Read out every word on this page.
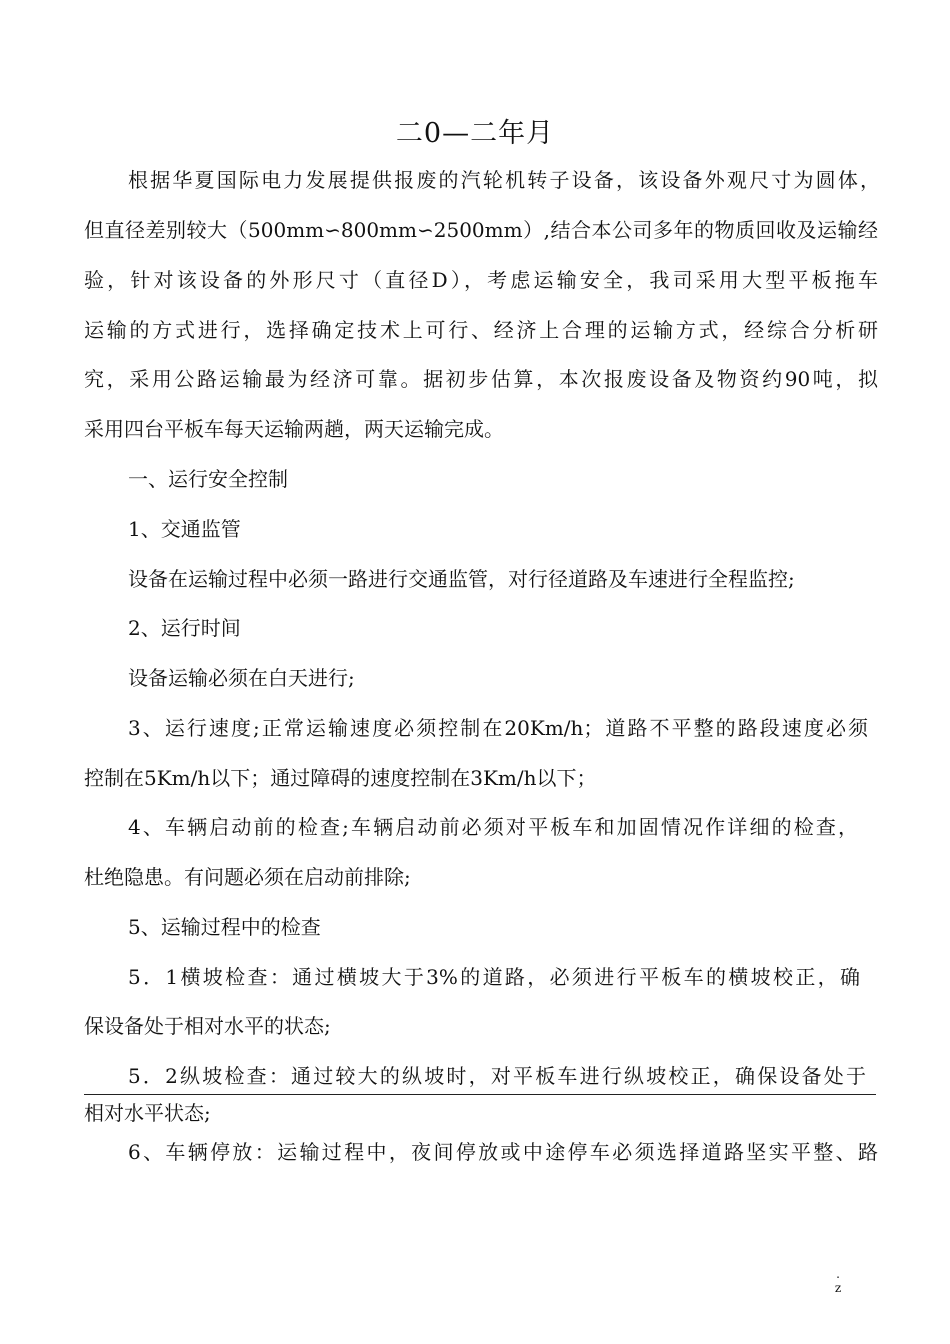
二0—二年月
根据华夏国际电力发展提供报废的汽轮机转子设备，该设备外观尺寸为圆体，
但直径差别较大（500mm∽800mm∽2500mm）,结合本公司多年的物质回收及运输经
验，针对该设备的外形尺寸（直径D），考虑运输安全，我司采用大型平板拖车
运输的方式进行，选择确定技术上可行、经济上合理的运输方式，经综合分析研
究，采用公路运输最为经济可靠。据初步估算，本次报废设备及物资约90吨，拟
采用四台平板车每天运输两趟，两天运输完成。
一、运行安全控制
1、交通监管
设备在运输过程中必须一路进行交通监管，对行径道路及车速进行全程监控;
2、运行时间
设备运输必须在白天进行;
3、运行速度;正常运输速度必须控制在20Km/h；道路不平整的路段速度必须
控制在5Km/h以下；通过障碍的速度控制在3Km/h以下；
4、车辆启动前的检查;车辆启动前必须对平板车和加固情况作详细的检查，
杜绝隐患。有问题必须在启动前排除;
5、运输过程中的检查
5．1横坡检查：通过横坡大于3%的道路，必须进行平板车的横坡校正，确
保设备处于相对水平的状态;
5．2纵坡检查：通过较大的纵坡时，对平板车进行纵坡校正，确保设备处于
相对水平状态;
6、车辆停放：运输过程中，夜间停放或中途停车必须选择道路坚实平整、路
.
z
